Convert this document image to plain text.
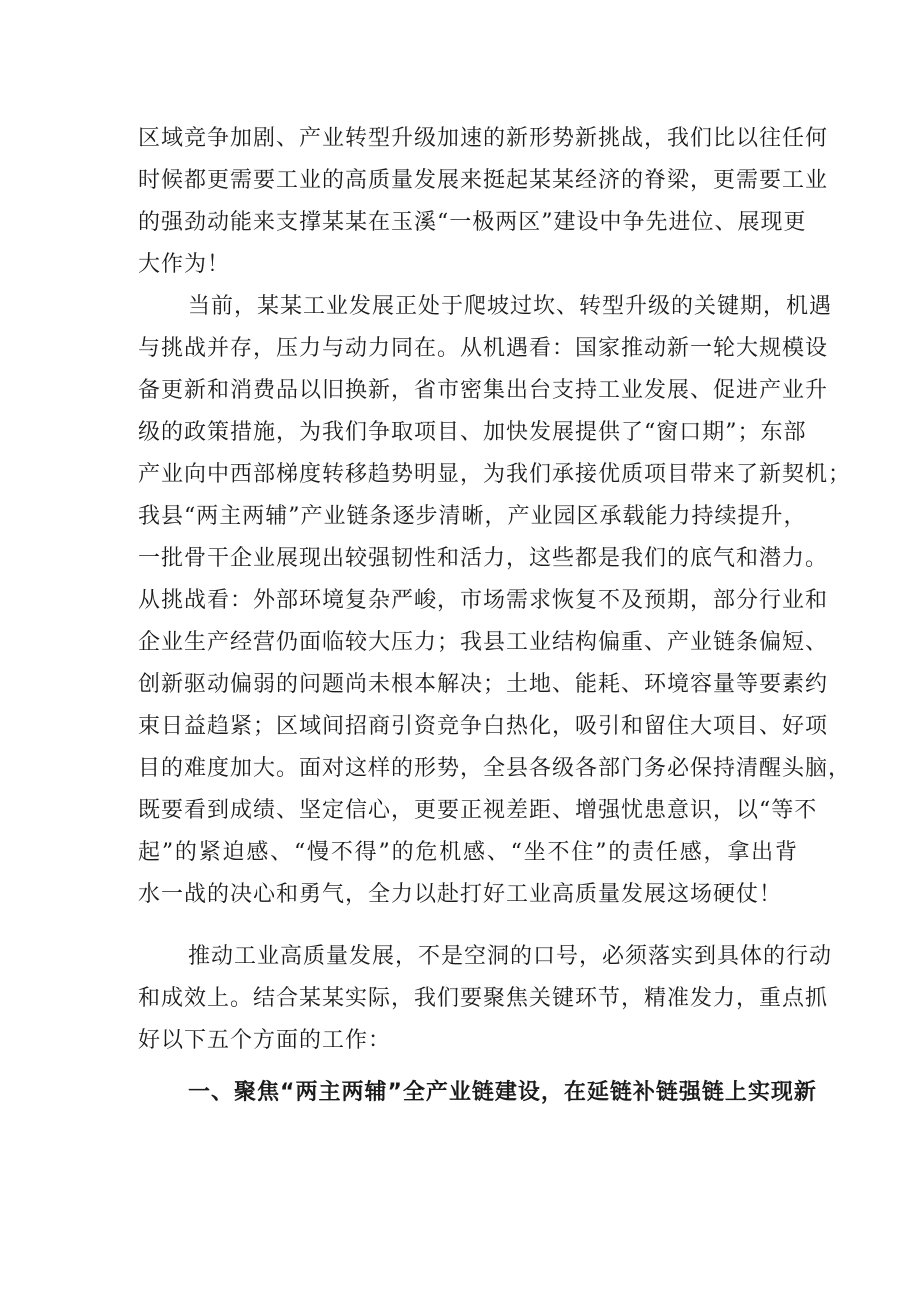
区域竞争加剧、产业转型升级加速的新形势新挑战，我们比以往任何
时候都更需要工业的高质量发展来挺起某某经济的脊梁，更需要工业
的强劲动能来支撑某某在玉溪“一极两区”建设中争先进位、展现更
大作为！
当前，某某工业发展正处于爬坡过坎、转型升级的关键期，机遇
与挑战并存，压力与动力同在。从机遇看：国家推动新一轮大规模设
备更新和消费品以旧换新，省市密集出台支持工业发展、促进产业升
级的政策措施，为我们争取项目、加快发展提供了“窗口期”；东部
产业向中西部梯度转移趋势明显，为我们承接优质项目带来了新契机；
我县“两主两辅”产业链条逐步清晰，产业园区承载能力持续提升，
一批骨干企业展现出较强韧性和活力，这些都是我们的底气和潜力。
从挑战看：外部环境复杂严峻，市场需求恢复不及预期，部分行业和
企业生产经营仍面临较大压力；我县工业结构偏重、产业链条偏短、
创新驱动偏弱的问题尚未根本解决；土地、能耗、环境容量等要素约
束日益趋紧；区域间招商引资竞争白热化，吸引和留住大项目、好项
目的难度加大。面对这样的形势，全县各级各部门务必保持清醒头脑，
既要看到成绩、坚定信心，更要正视差距、增强忧患意识，以“等不
起”的紧迫感、“慢不得”的危机感、“坐不住”的责任感，拿出背
水一战的决心和勇气，全力以赴打好工业高质量发展这场硬仗！
推动工业高质量发展，不是空洞的口号，必须落实到具体的行动
和成效上。结合某某实际，我们要聚焦关键环节，精准发力，重点抓
好以下五个方面的工作：
一、聚焦“两主两辅”全产业链建设，在延链补链强链上实现新
